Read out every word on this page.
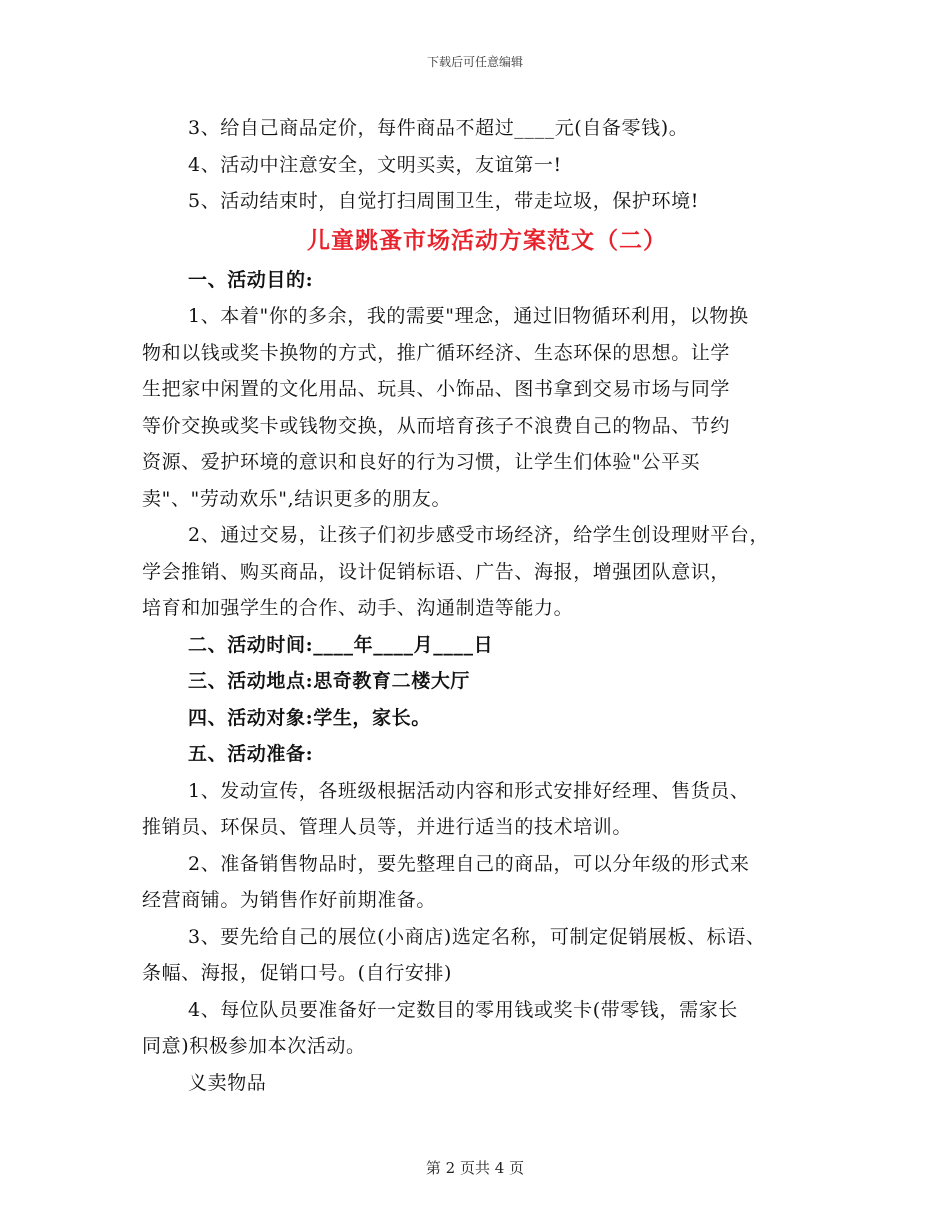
下载后可任意编辑
3、给自己商品定价，每件商品不超过____元(自备零钱)。
4、活动中注意安全，文明买卖，友谊第一!
5、活动结束时，自觉打扫周围卫生，带走垃圾，保护环境!
儿童跳蚤市场活动方案范文（二）
一、活动目的:
1、本着"你的多余，我的需要"理念，通过旧物循环利用，以物换
物和以钱或奖卡换物的方式，推广循环经济、生态环保的思想。让学
生把家中闲置的文化用品、玩具、小饰品、图书拿到交易市场与同学
等价交换或奖卡或钱物交换，从而培育孩子不浪费自己的物品、节约
资源、爱护环境的意识和良好的行为习惯，让学生们体验"公平买
卖"、"劳动欢乐",结识更多的朋友。
2、通过交易，让孩子们初步感受市场经济，给学生创设理财平台，
学会推销、购买商品，设计促销标语、广告、海报，增强团队意识，
培育和加强学生的合作、动手、沟通制造等能力。
二、活动时间:____年____月____日
三、活动地点:思奇教育二楼大厅
四、活动对象:学生，家长。
五、活动准备:
1、发动宣传，各班级根据活动内容和形式安排好经理、售货员、
推销员、环保员、管理人员等，并进行适当的技术培训。
2、准备销售物品时，要先整理自己的商品，可以分年级的形式来
经营商铺。为销售作好前期准备。
3、要先给自己的展位(小商店)选定名称，可制定促销展板、标语、
条幅、海报，促销口号。(自行安排)
4、每位队员要准备好一定数目的零用钱或奖卡(带零钱，需家长
同意)积极参加本次活动。
义卖物品
第 2 页共 4 页
